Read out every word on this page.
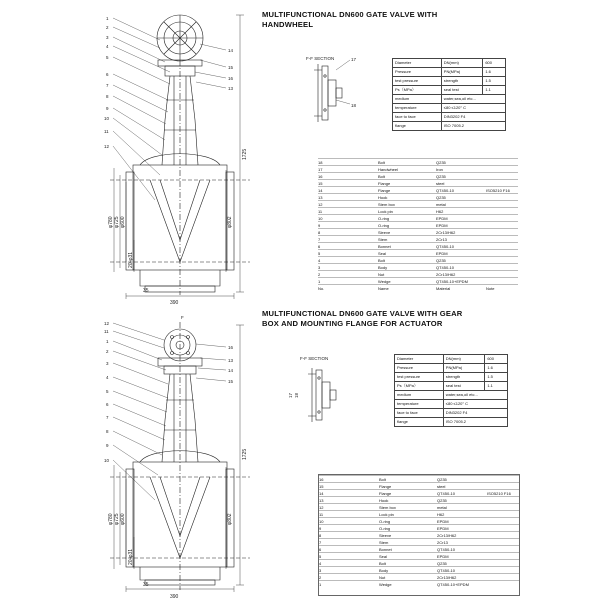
MULTIFUNCTIONAL DN600 GATE VALVE WITH
HANDWHEEL
MULTIFUNCTIONAL DN600 GATE VALVE WITH GEAR
BOX AND MOUNTING FLANGE FOR ACTUATOR
1
2
3
4
5
6
7
8
9
10
11
12
14
15
16
13
F-F SECTION	17
18
1725
390
φ780 φ725 φ600	φ802
20-φ31
35
F
12
11
1
2
3
4
5
6
7
8
9
10
16
13
14
15
F-F SECTION
17 18
1725
390
φ780 φ725 φ600	φ802
20-φ31
35
Diameter	DN(mm)	600
Pressure	PN(MPa)	1.6
test pressure	strength	1.5
Ps（MPa）	seal test	1.1
medium	water,sea,oil etc...	
temperature	≤80 ≤120° C	
face to face	DIN3202 F4	
flange	ISO 7005.2	
18	Bolt	Q235
17	Handwheel	Iron
16	Bolt	Q235
15	Flange	steel
14	Flange	QT450-10	ISO5210 F16
13	Hook	Q235
12	Stem box	metal
11	Lock pin	H62
10	O-ring	EPDM
9	O-ring	EPDM
8	Sleeve	2Cr13/H62
7	Stem	2Cr13
6	Bonnet	QT450-10
5	Seal	EPDM
4	Bolt	Q235
3	Body	QT450-10
2	Nut	2Cr13/H62
1	Wedge	QT450-10+EPDM
No.	Name	Material	Note
Diameter	DN(mm)	600
Pressure	PN(MPa)	1.6
test pressure	strength	1.5
Ps（MPa）	seal test	1.1
medium	water,sea,oil etc...	
temperature	≤80 ≤120° C	
face to face	DIN3202 F4	
flange	ISO 7005.2	
16	Bolt	Q235
15	Flange	steel
14	Flange	QT450-10	ISO5210 F16
13	Hook	Q235
12	Stem box	metal
11	Lock pin	H62
10	O-ring	EPDM
9	O-ring	EPDM
8	Sleeve	2Cr13/H62
7	Stem	2Cr13
6	Bonnet	QT450-10
5	Seal	EPDM
4	Bolt	Q235
3	Body	QT450-10
2	Nut	2Cr13/H62
1	Wedge	QT450-10+EPDM
